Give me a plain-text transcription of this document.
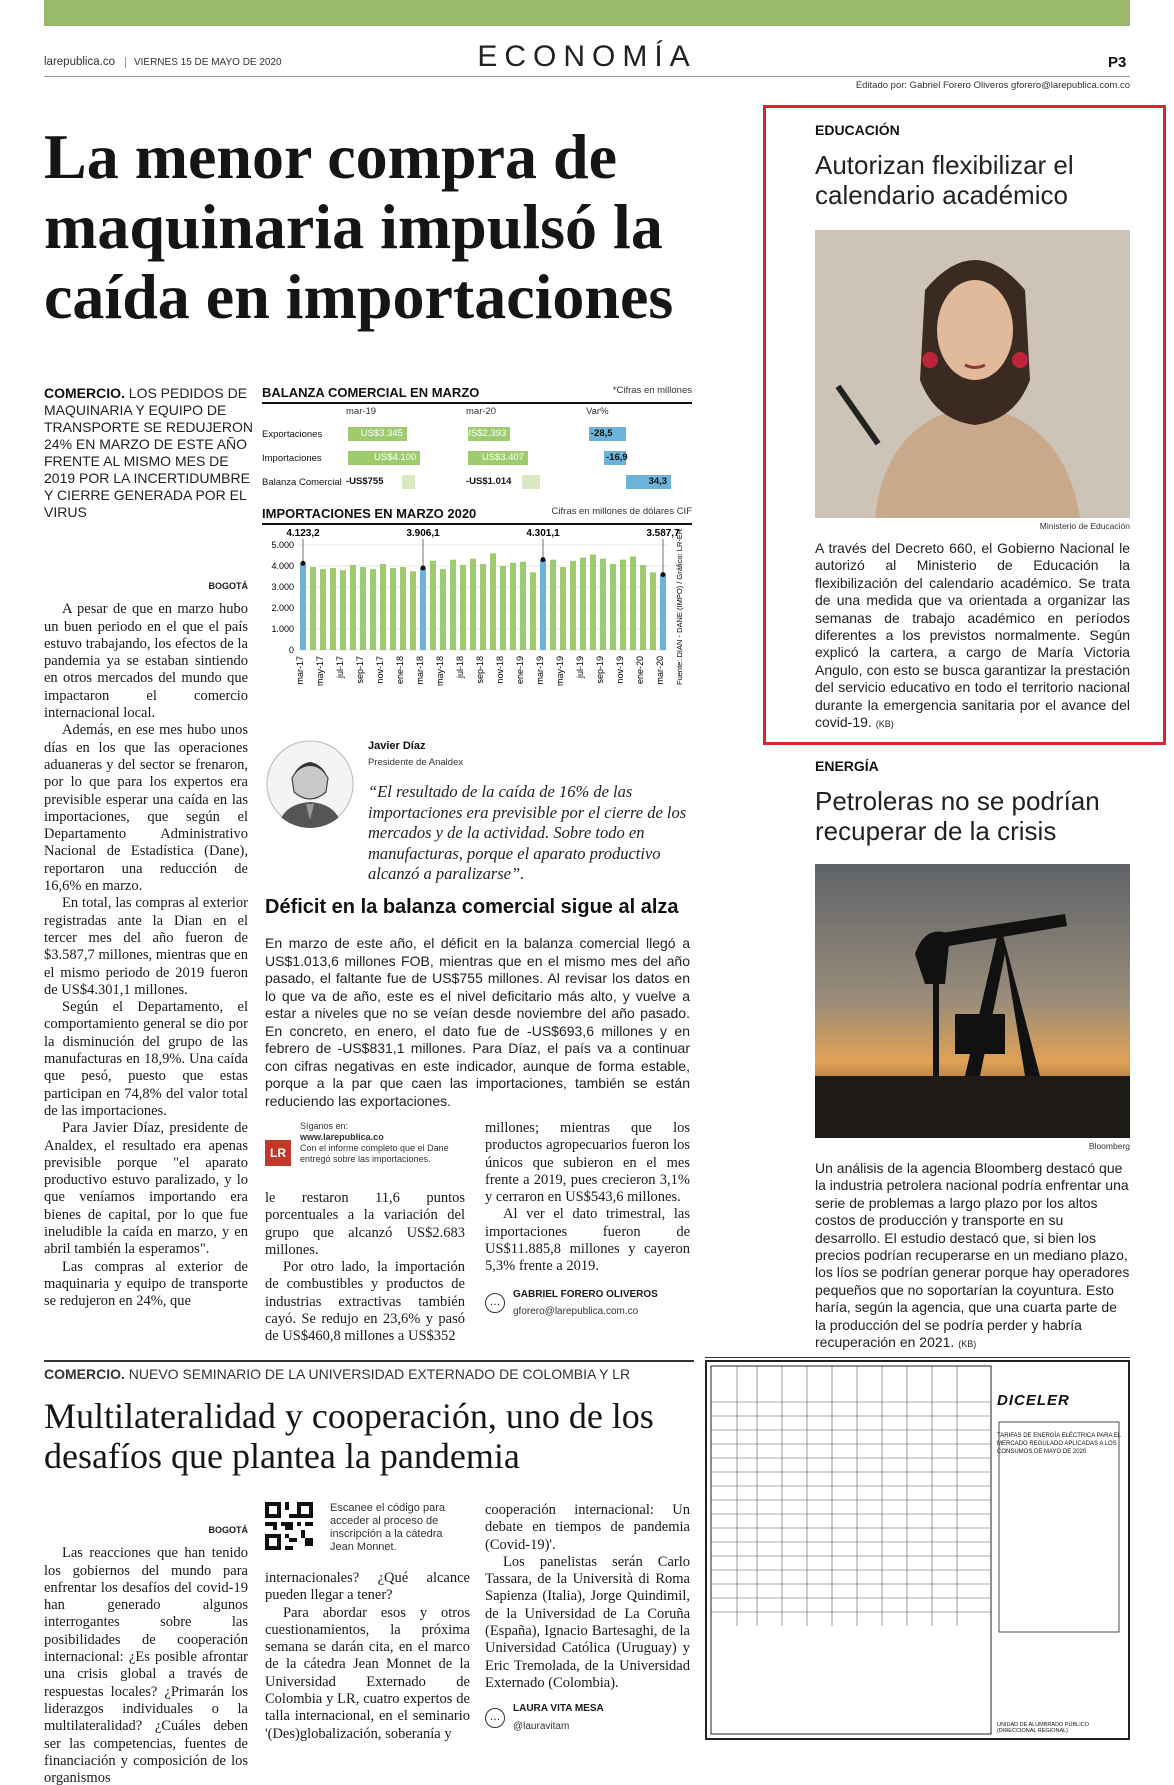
larepublica.co VIERNES 15 DE MAYO DE 2020	ECONOMÍA	P3
Editado por: Gabriel Forero Oliveros gforero@larepublica.com.co
La menor compra de maquinaria impulsó la caída en importaciones
COMERCIO. LOS PEDIDOS DE MAQUINARIA Y EQUIPO DE TRANSPORTE SE REDUJERON 24% EN MARZO DE ESTE AÑO FRENTE AL MISMO MES DE 2019 POR LA INCERTIDUMBRE Y CIERRE GENERADA POR EL VIRUS
BOGOTÁ

A pesar de que en marzo hubo un buen periodo en el que el país estuvo trabajando, los efectos de la pandemia ya se estaban sintiendo en otros mercados del mundo que impactaron el comercio internacional local.

Además, en ese mes hubo unos días en los que las operaciones aduaneras y del sector se frenaron, por lo que para los expertos era previsible esperar una caída en las importaciones, que según el Departamento Administrativo Nacional de Estadística (Dane), reportaron una reducción de 16,6% en marzo.

En total, las compras al exterior registradas ante la Dian en el tercer mes del año fueron de $3.587,7 millones, mientras que en el mismo periodo de 2019 fueron de US$4.301,1 millones.

Según el Departamento, el comportamiento general se dio por la disminución del grupo de las manufacturas en 18,9%. Una caída que pesó, puesto que estas participan en 74,8% del valor total de las importaciones.

Para Javier Díaz, presidente de Analdex, el resultado era apenas previsible porque "el aparato productivo estuvo paralizado, y lo que veníamos importando era bienes de capital, por lo que fue ineludible la caída en marzo, y en abril también la esperamos".

Las compras al exterior de maquinaria y equipo de transporte se redujeron en 24%, que

BALANZA COMERCIAL EN MARZO	*Cifras en millones
mar-19	mar-20	Var%
Exportaciones	US$3.345	US$2.393	-28,5
Importaciones	US$4.100	US$3.407	-16,9
Balanza Comercial -US$755	-US$1.014	34,3
IMPORTACIONES EN MARZO 2020	Cifras en millones de dólares CIF
5.000
4.000
3.000
2.000
1.000
0
4.123,2	3.906,1	4.301,1	3.587,7
mar-17 may-17 jul-17 sep-17 nov-17 ene-18 mar-18 may-18 jul-18 sep-18 nov-18 ene-19 mar-19 may-19 jul-19 sep-19 nov-19 ene-20 mar-20 Fuente: DIAN - DANE (IMPO) / Gráfico: LR-ER
Javier Díaz
Presidente de Analdex
“El resultado de la caída de 16% de las importaciones era previsible por el cierre de los mercados y de la actividad. Sobre todo en manufacturas, porque el aparato productivo alcanzó a paralizarse”.
Déficit en la balanza comercial sigue al alza
En marzo de este año, el déficit en la balanza comercial llegó a US$1.013,6 millones FOB, mientras que en el mismo mes del año pasado, el faltante fue de US$755 millones. Al revisar los datos en lo que va de año, este es el nivel deficitario más alto, y vuelve a estar a niveles que no se veían desde noviembre del año pasado. En concreto, en enero, el dato fue de -US$693,6 millones y en febrero de -US$831,1 millones. Para Díaz, el país va a continuar con cifras negativas en este indicador, aunque de forma estable, porque a la par que caen las importaciones, también se están reduciendo las exportaciones.
LR
Síganos en:
www.larepublica.co
Con el informe completo que el Dane entregó sobre las importaciones.

le restaron 11,6 puntos porcentuales a la variación del grupo que alcanzó US$2.683 millones.

Por otro lado, la importación de combustibles y productos de industrias extractivas también cayó. Se redujo en 23,6% y pasó de US$460,8 millones a US$352

millones; mientras que los productos agropecuarios fueron los únicos que subieron en el mes frente a 2019, pues crecieron 3,1% y cerraron en US$543,6 millones.

Al ver el dato trimestral, las importaciones fueron de US$11.885,8 millones y cayeron 5,3% frente a 2019.

…
GABRIEL FORERO OLIVEROS
gforero@larepublica.com.co
EDUCACIÓN
Autorizan flexibilizar el calendario académico
Ministerio de Educación
A través del Decreto 660, el Gobierno Nacional le autorizó al Ministerio de Educación la flexibilización del calendario académico. Se trata de una medida que va orientada a organizar las semanas de trabajo académico en períodos diferentes a los previstos normalmente. Según explicó la cartera, a cargo de María Victoria Angulo, con esto se busca garantizar la prestación del servicio educativo en todo el territorio nacional durante la emergencia sanitaria por el avance del covid-19. (KB)
ENERGÍA
Petroleras no se podrían recuperar de la crisis
Bloomberg
Un análisis de la agencia Bloomberg destacó que la industria petrolera nacional podría enfrentar una serie de problemas a largo plazo por los altos costos de producción y transporte en su desarrollo. El estudio destacó que, si bien los precios podrían recuperarse en un mediano plazo, los líos se podrían generar porque hay operadores pequeños que no soportarían la coyuntura. Esto haría, según la agencia, que una cuarta parte de la producción del se podría perder y habría recuperación en 2021. (KB)
COMERCIO. NUEVO SEMINARIO DE LA UNIVERSIDAD EXTERNADO DE COLOMBIA Y LR
Multilateralidad y cooperación, uno de los desafíos que plantea la pandemia
BOGOTÁ

Las reacciones que han tenido los gobiernos del mundo para enfrentar los desafíos del covid-19 han generado algunos interrogantes sobre las posibilidades de cooperación internacional: ¿Es posible afrontar una crisis global a través de respuestas locales? ¿Primarán los liderazgos individuales o la multilateralidad? ¿Cuáles deben ser las competencias, fuentes de financiación y composición de los organismos

Escanee el código para acceder al proceso de inscripción a la cátedra Jean Monnet.

internacionales? ¿Qué alcance pueden llegar a tener?

Para abordar esos y otros cuestionamientos, la próxima semana se darán cita, en el marco de la cátedra Jean Monnet de la Universidad Externado de Colombia y LR, cuatro expertos de talla internacional, en el seminario '(Des)globalización, soberanía y

cooperación internacional: Un debate en tiempos de pandemia (Covid-19)'.

Los panelistas serán Carlo Tassara, de la Università di Roma Sapienza (Italia), Jorge Quindimil, de la Universidad de La Coruña (España), Ignacio Bartesaghi, de la Universidad Católica (Uruguay) y Eric Tremolada, de la Universidad Externado (Colombia).

…
LAURA VITA MESA
@lauravitam
DICELER
TARIFAS DE ENERGÍA ELÉCTRICA PARA EL MERCADO REGULADO APLICADAS A LOS CONSUMOS DE MAYO DE 2020
UNIDAD DE ALUMBRADO PÚBLICO (DIRECCIONAL REGIONAL)
